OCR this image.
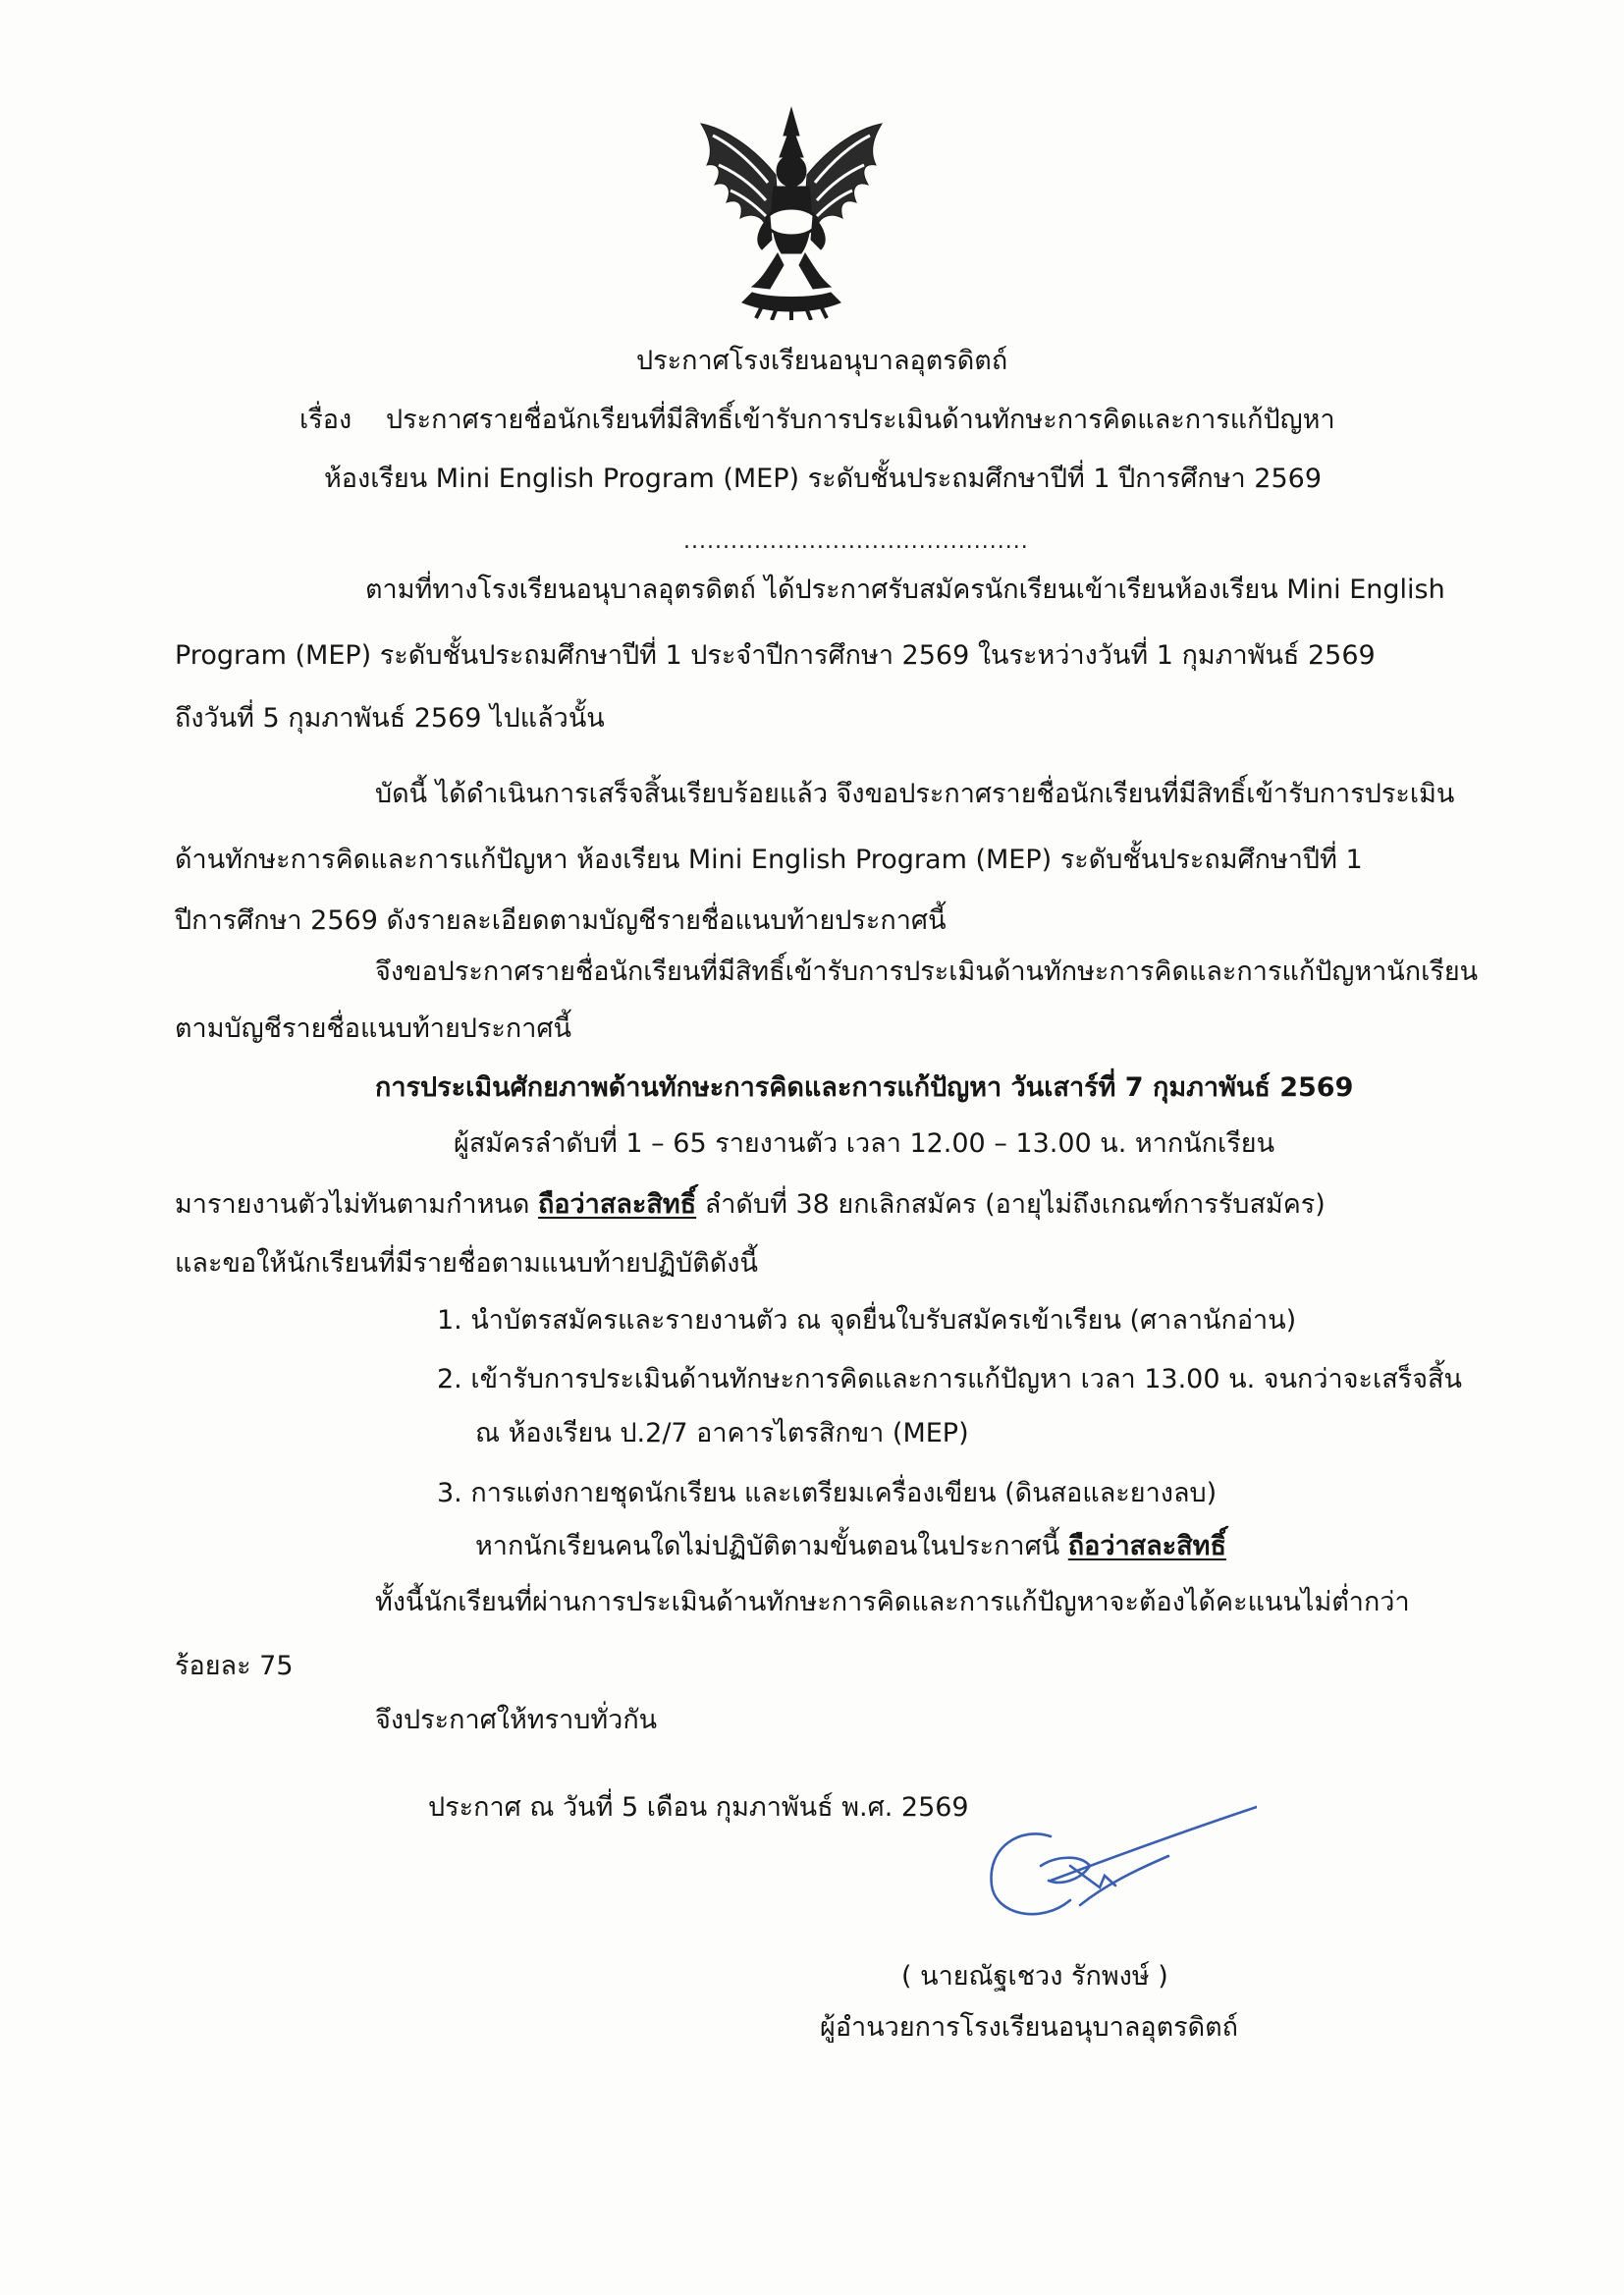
ประกาศโรงเรียนอนุบาลอุตรดิตถ์
เรื่อง ประกาศรายชื่อนักเรียนที่มีสิทธิ์เข้ารับการประเมินด้านทักษะการคิดและการแก้ปัญหา
ห้องเรียน Mini English Program (MEP) ระดับชั้นประถมศึกษาปีที่ 1 ปีการศึกษา 2569
............................................
ตามที่ทางโรงเรียนอนุบาลอุตรดิตถ์ ได้ประกาศรับสมัครนักเรียนเข้าเรียนห้องเรียน Mini English
Program (MEP) ระดับชั้นประถมศึกษาปีที่ 1 ประจำปีการศึกษา 2569 ในระหว่างวันที่ 1 กุมภาพันธ์ 2569
ถึงวันที่ 5 กุมภาพันธ์ 2569 ไปแล้วนั้น
บัดนี้ ได้ดำเนินการเสร็จสิ้นเรียบร้อยแล้ว จึงขอประกาศรายชื่อนักเรียนที่มีสิทธิ์เข้ารับการประเมิน
ด้านทักษะการคิดและการแก้ปัญหา ห้องเรียน Mini English Program (MEP) ระดับชั้นประถมศึกษาปีที่ 1
ปีการศึกษา 2569 ดังรายละเอียดตามบัญชีรายชื่อแนบท้ายประกาศนี้
จึงขอประกาศรายชื่อนักเรียนที่มีสิทธิ์เข้ารับการประเมินด้านทักษะการคิดและการแก้ปัญหานักเรียน
ตามบัญชีรายชื่อแนบท้ายประกาศนี้
การประเมินศักยภาพด้านทักษะการคิดและการแก้ปัญหา วันเสาร์ที่ 7 กุมภาพันธ์ 2569
ผู้สมัครลำดับที่ 1 – 65 รายงานตัว เวลา 12.00 – 13.00 น. หากนักเรียน
มารายงานตัวไม่ทันตามกำหนด ถือว่าสละสิทธิ์ ลำดับที่ 38 ยกเลิกสมัคร (อายุไม่ถึงเกณฑ์การรับสมัคร)
และขอให้นักเรียนที่มีรายชื่อตามแนบท้ายปฏิบัติดังนี้
1. นำบัตรสมัครและรายงานตัว ณ จุดยื่นใบรับสมัครเข้าเรียน (ศาลานักอ่าน)
2. เข้ารับการประเมินด้านทักษะการคิดและการแก้ปัญหา เวลา 13.00 น. จนกว่าจะเสร็จสิ้น
ณ ห้องเรียน ป.2/7 อาคารไตรสิกขา (MEP)
3. การแต่งกายชุดนักเรียน และเตรียมเครื่องเขียน (ดินสอและยางลบ)
หากนักเรียนคนใดไม่ปฏิบัติตามขั้นตอนในประกาศนี้ ถือว่าสละสิทธิ์
ทั้งนี้นักเรียนที่ผ่านการประเมินด้านทักษะการคิดและการแก้ปัญหาจะต้องได้คะแนนไม่ต่ำกว่า
ร้อยละ 75
จึงประกาศให้ทราบทั่วกัน
ประกาศ ณ วันที่ 5 เดือน กุมภาพันธ์ พ.ศ. 2569
( นายณัฐเชวง รักพงษ์ )
ผู้อำนวยการโรงเรียนอนุบาลอุตรดิตถ์
